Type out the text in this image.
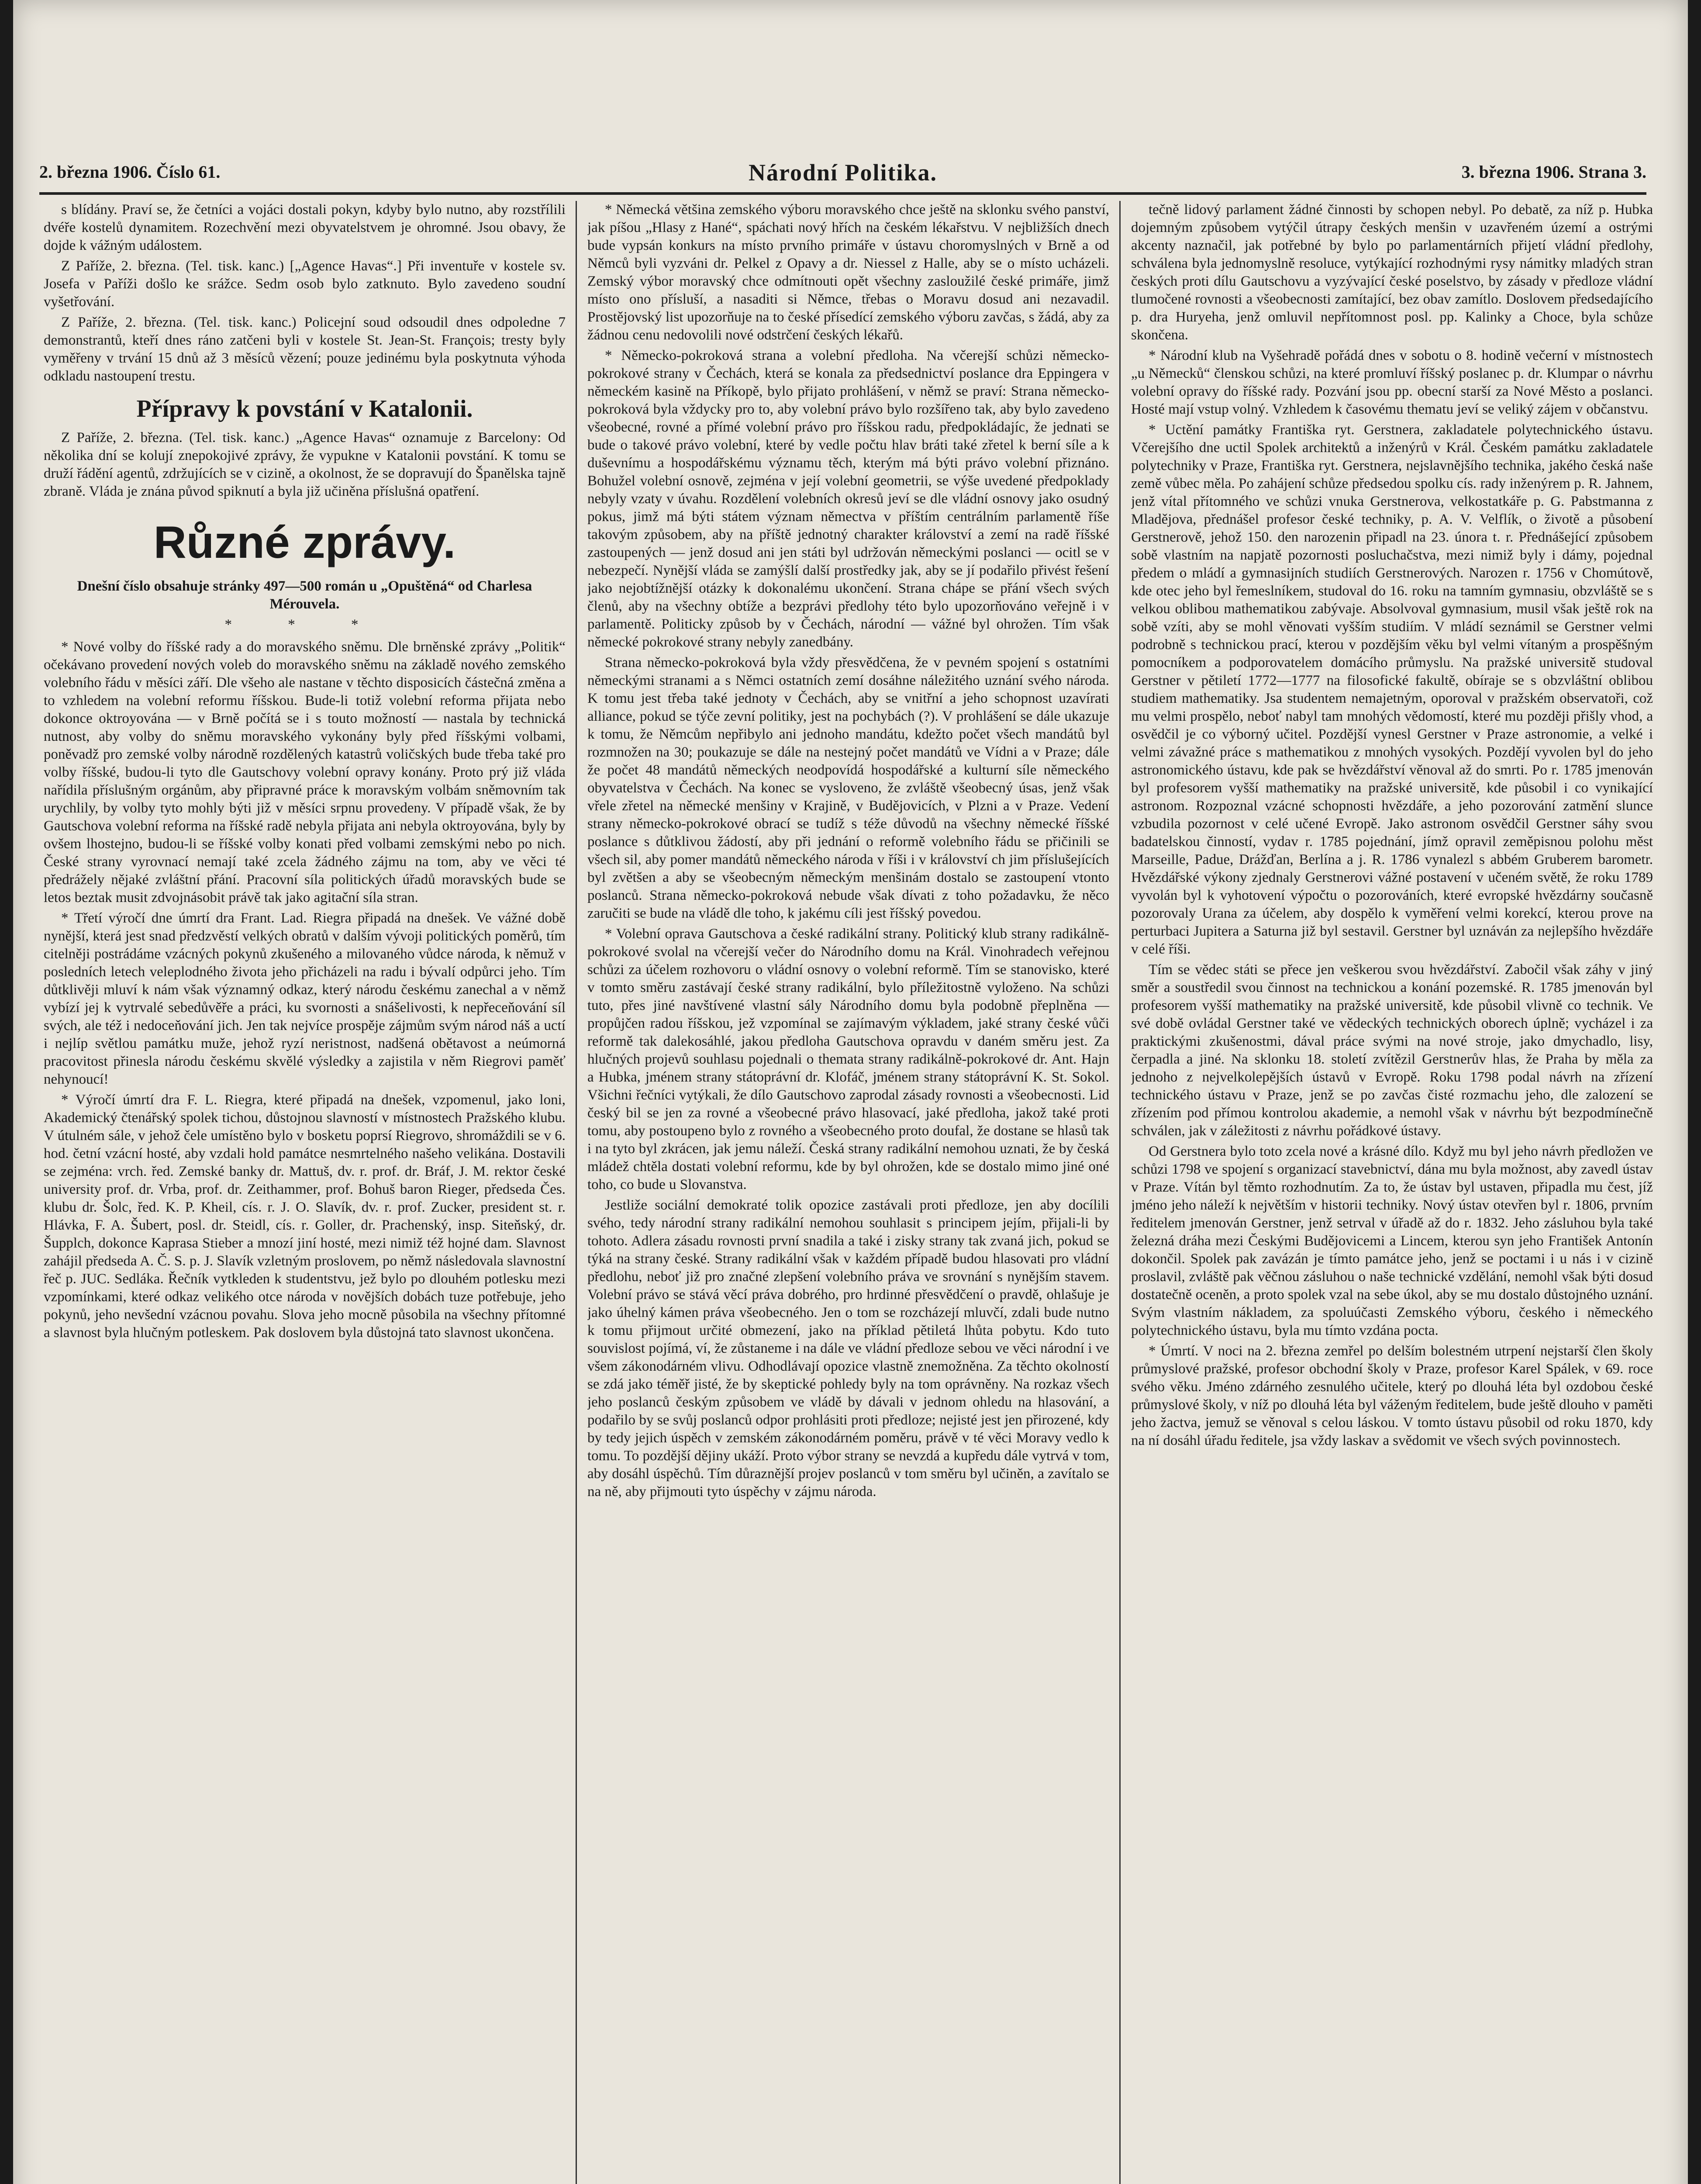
2. března 1906. Číslo 61.	Národní Politika.	3. března 1906. Strana 3.

s blídány. Praví se, že četníci a vojáci dostali pokyn, kdyby bylo nutno, aby rozstřílili dvéře kostelů dynamitem. Rozechvění mezi obyvatelstvem je ohromné. Jsou obavy, že dojde k vážným událostem.

Z Paříže, 2. března. (Tel. tisk. kanc.) [„Agence Havas“.] Při inventuře v kostele sv. Josefa v Paříži došlo ke srážce. Sedm osob bylo zatknuto. Bylo zavedeno soudní vyšetřování.

Z Paříže, 2. března. (Tel. tisk. kanc.) Policejní soud odsoudil dnes odpoledne 7 demonstrantů, kteří dnes ráno zatčeni byli v kostele St. Jean-St. François; tresty byly vyměřeny v trvání 15 dnů až 3 měsíců vězení; pouze jedinému byla poskytnuta výhoda odkladu nastoupení trestu.

Přípravy k povstání v Katalonii.

Z Paříže, 2. března. (Tel. tisk. kanc.) „Agence Havas“ oznamuje z Barcelony: Od několika dní se kolují znepokojivé zprávy, že vypukne v Katalonii povstání. K tomu se druží řádění agentů, zdržujících se v cizině, a okolnost, že se dopravují do Španělska tajně zbraně. Vláda je znána původ spiknutí a byla již učiněna příslušná opatření.

Různé zprávy.

Dnešní číslo obsahuje stránky 497—500 román u „Opuštěná“ od Charlesa Mérouvela.

* * *

* Nové volby do říšské rady a do moravského sněmu. Dle brněnské zprávy „Politik“ očekávano provedení nových voleb do moravského sněmu na základě nového zemského volebního řádu v měsíci září. Dle všeho ale nastane v těchto disposicích částečná změna a to vzhledem na volební reformu říšskou. Bude-li totiž volební reforma přijata nebo dokonce oktroyována — v Brně počítá se i s touto možností — nastala by technická nutnost, aby volby do sněmu moravského vykonány byly před říšskými volbami, poněvadž pro zemské volby národně rozdělených katastrů voličských bude třeba také pro volby říšské, budou-li tyto dle Gautschovy volební opravy konány. Proto prý již vláda nařídila příslušným orgánům, aby připravné práce k moravským volbám sněmovním tak urychlily, by volby tyto mohly býti již v měsíci srpnu provedeny. V případě však, že by Gautschova volební reforma na říšské radě nebyla přijata ani nebyla oktroyována, byly by ovšem lhostejno, budou-li se říšské volby konati před volbami zemskými nebo po nich. České strany vyrovnací nemají také zcela žádného zájmu na tom, aby ve věci té předrážely nějaké zvláštní přání. Pracovní síla politických úřadů moravských bude se letos beztak musit zdvojnásobit právě tak jako agitační síla stran.

* Třetí výročí dne úmrtí dra Frant. Lad. Riegra připadá na dnešek. Ve vážné době nynější, která jest snad předzvěstí velkých obratů v dalším vývoji politických poměrů, tím citelněji postrádáme vzácných pokynů zkušeného a milovaného vůdce národa, k němuž v posledních letech veleplodného života jeho přicházeli na radu i bývalí odpůrci jeho. Tím důtklivěji mluví k nám však významný odkaz, který národu českému zanechal a v němž vybízí jej k vytrvalé sebedůvěře a práci, ku svornosti a snášelivosti, k nepřeceňování síl svých, ale též i nedoceňování jich. Jen tak nejvíce prospěje zájmům svým národ náš a uctí i nejlíp světlou památku muže, jehož ryzí neristnost, nadšená obětavost a neúmorná pracovitost přinesla národu českému skvělé výsledky a zajistila v něm Riegrovi paměť nehynoucí!

* Výročí úmrtí dra F. L. Riegra, které připadá na dnešek, vzpomenul, jako loni, Akademický čtenářský spolek tichou, důstojnou slavností v místnostech Pražského klubu. V útulném sále, v jehož čele umístěno bylo v bosketu poprsí Riegrovo, shromáždili se v 6. hod. četní vzácní hosté, aby vzdali hold památce nesmrtelného našeho velikána. Dostavili se zejména: vrch. řed. Zemské banky dr. Mattuš, dv. r. prof. dr. Bráf, J. M. rektor české university prof. dr. Vrba, prof. dr. Zeithammer, prof. Bohuš baron Rieger, předseda Čes. klubu dr. Šolc, řed. K. P. Kheil, cís. r. J. O. Slavík, dv. r. prof. Zucker, president st. r. Hlávka, F. A. Šubert, posl. dr. Steidl, cís. r. Goller, dr. Prachenský, insp. Siteňský, dr. Šupplch, dokonce Kaprasa Stieber a mnozí jiní hosté, mezi nimiž též hojné dam. Slavnost zahájil předseda A. Č. S. p. J. Slavík vzletným proslovem, po němž následovala slavnostní řeč p. JUC. Sedláka. Řečník vytkleden k studentstvu, jež bylo po dlouhém potlesku mezi vzpomínkami, které odkaz velikého otce národa v novějších dobách tuze potřebuje, jeho pokynů, jeho nevšední vzácnou povahu. Slova jeho mocně působila na všechny přítomné a slavnost byla hlučným potleskem. Pak doslovem byla důstojná tato slavnost ukončena.

* Německá většina zemského výboru moravského chce ještě na sklonku svého panství, jak píšou „Hlasy z Hané“, spáchati nový hřích na českém lékařstvu. V nejbližších dnech bude vypsán konkurs na místo prvního primáře v ústavu choromyslných v Brně a od Němců byli vyzváni dr. Pelkel z Opavy a dr. Niessel z Halle, aby se o místo ucházeli. Zemský výbor moravský chce odmítnouti opět všechny zasloužilé české primáře, jimž místo ono přísluší, a nasaditi si Němce, třebas o Moravu dosud ani nezavadil. Prostějovský list upozorňuje na to české přísedící zemského výboru zavčas, s žádá, aby za žádnou cenu nedovolili nové odstrčení českých lékařů.

* Německo-pokroková strana a volební předloha. Na včerejší schůzi německo-pokrokové strany v Čechách, která se konala za předsednictví poslance dra Eppingera v německém kasině na Příkopě, bylo přijato prohlášení, v němž se praví: Strana německo-pokroková byla vždycky pro to, aby volební právo bylo rozšířeno tak, aby bylo zavedeno všeobecné, rovné a přímé volební právo pro říšskou radu, předpokládajíc, že jednati se bude o takové právo volební, které by vedle počtu hlav bráti také zřetel k berní síle a k duševnímu a hospodářskému významu těch, kterým má býti právo volební přiznáno. Bohužel volební osnově, zejména v její volební geometrii, se výše uvedené předpoklady nebyly vzaty v úvahu. Rozdělení volebních okresů jeví se dle vládní osnovy jako osudný pokus, jimž má býti státem význam němectva v příštím centrálním parlamentě říše takovým způsobem, aby na příště jednotný charakter království a zemí na radě říšské zastoupených — jenž dosud ani jen státi byl udržován německými poslanci — ocitl se v nebezpečí. Nynější vláda se zamýšlí další prostředky jak, aby se jí podařilo přivést řešení jako nejobtížnější otázky k dokonalému ukončení. Strana chápe se přání všech svých členů, aby na všechny obtíže a bezprávi předlohy této bylo upozorňováno veřejně i v parlamentě. Politicky způsob by v Čechách, národní — vážné byl ohrožen. Tím však německé pokrokové strany nebyly zanedbány.

Strana německo-pokroková byla vždy přesvědčena, že v pevném spojení s ostatními německými stranami a s Němci ostatních zemí dosáhne náležitého uznání svého národa. K tomu jest třeba také jednoty v Čechách, aby se vnitřní a jeho schopnost uzavírati alliance, pokud se týče zevní politiky, jest na pochybách (?). V prohlášení se dále ukazuje k tomu, že Němcům nepřibylo ani jednoho mandátu, kdežto počet všech mandátů byl rozmnožen na 30; poukazuje se dále na nestejný počet mandátů ve Vídni a v Praze; dále že počet 48 mandátů německých neodpovídá hospodářské a kulturní síle německého obyvatelstva v Čechách. Na konec se vysloveno, že zvláště všeobecný úsas, jenž však vřele zřetel na německé menšiny v Krajině, v Budějovicích, v Plzni a v Praze. Vedení strany německo-pokrokové obrací se tudíž s téže důvodů na všechny německé říšské poslance s důtklivou žádostí, aby při jednání o reformě volebního řádu se přičinili se všech sil, aby pomer mandátů německého národa v říši i v království ch jim příslušejících byl zvětšen a aby se všeobecným německým menšinám dostalo se zastoupení vtonto poslanců. Strana německo-pokroková nebude však dívati z toho požadavku, že něco zaručiti se bude na vládě dle toho, k jakému cíli jest říšský povedou.

* Volební oprava Gautschova a české radikální strany. Politický klub strany radikálně-pokrokové svolal na včerejší večer do Národního domu na Král. Vinohradech veřejnou schůzi za účelem rozhovoru o vládní osnovy o volební reformě. Tím se stanovisko, které v tomto směru zastávají české strany radikální, bylo příležitostně vyloženo. Na schůzi tuto, přes jiné navštívené vlastní sály Národního domu byla podobně přeplněna — propůjčen radou říšskou, jež vzpomínal se zajímavým výkladem, jaké strany české vůči reformě tak dalekosáhlé, jakou předloha Gautschova opravdu v daném směru jest. Za hlučných projevů souhlasu pojednali o themata strany radikálně-pokrokové dr. Ant. Hajn a Hubka, jménem strany státoprávní dr. Klofáč, jménem strany státoprávní K. St. Sokol. Všichni řečníci vytýkali, že dílo Gautschovo zaprodal zásady rovnosti a všeobecnosti. Lid český bil se jen za rovné a všeobecné právo hlasovací, jaké předloha, jakož také proti tomu, aby postoupeno bylo z rovného a všeobecného proto doufal, že dostane se hlasů tak i na tyto byl zkrácen, jak jemu náleží. Česká strany radikální nemohou uznati, že by česká mládež chtěla dostati volební reformu, kde by byl ohrožen, kde se dostalo mimo jiné oné toho, co bude u Slovanstva.

Jestliže sociální demokraté tolik opozice zastávali proti předloze, jen aby docílili svého, tedy národní strany radikální nemohou souhlasit s principem jejím, přijali-li by tohoto. Adlera zásadu rovnosti první snadila a také i zisky strany tak zvaná jich, pokud se týká na strany české. Strany radikální však v každém případě budou hlasovati pro vládní předlohu, neboť již pro značné zlepšení volebního práva ve srovnání s nynějším stavem. Volební právo se stává věcí práva dobrého, pro hrdinné přesvědčení o pravdě, ohlašuje je jako úhelný kámen práva všeobecného. Jen o tom se rozcházejí mluvčí, zdali bude nutno k tomu přijmout určité obmezení, jako na příklad pětiletá lhůta pobytu. Kdo tuto souvislost pojímá, ví, že zůstaneme i na dále ve vládní předloze sebou ve věci národní i ve všem zákonodárném vlivu. Odhodlávají opozice vlastně znemožněna. Za těchto okolností se zdá jako téměř jisté, že by skeptické pohledy byly na tom oprávněny. Na rozkaz všech jeho poslanců českým způsobem ve vládě by dávali v jednom ohledu na hlasování, a podařilo by se svůj poslanců odpor prohlásiti proti předloze; nejisté jest jen přirozené, kdy by tedy jejich úspěch v zemském zákonodárném poměru, právě v té věci Moravy vedlo k tomu. To pozdější dějiny ukáží. Proto výbor strany se nevzdá a kupředu dále vytrvá v tom, aby dosáhl úspěchů. Tím důraznější projev poslanců v tom směru byl učiněn, a zavítalo se na ně, aby přijmouti tyto úspěchy v zájmu národa.

tečně lidový parlament žádné činnosti by schopen nebyl. Po debatě, za níž p. Hubka dojemným způsobem vytýčil útrapy českých menšin v uzavřeném území a ostrými akcenty naznačil, jak potřebné by bylo po parlamentárních přijetí vládní předlohy, schválena byla jednomyslně resoluce, vytýkající rozhodnými rysy námitky mladých stran českých proti dílu Gautschovu a vyzývající české poselstvo, by zásady v předloze vládní tlumočené rovnosti a všeobecnosti zamítající, bez obav zamítlo. Doslovem předsedajícího p. dra Huryeha, jenž omluvil nepřítomnost posl. pp. Kalinky a Choce, byla schůze skončena.

* Národní klub na Vyšehradě pořádá dnes v sobotu o 8. hodině večerní v místnostech „u Německů“ členskou schůzi, na které promluví říšský poslanec p. dr. Klumpar o návrhu volební opravy do říšské rady. Pozvání jsou pp. obecní starší za Nové Město a poslanci. Hosté mají vstup volný. Vzhledem k časovému thematu jeví se veliký zájem v občanstvu.

* Uctění památky Františka ryt. Gerstnera, zakladatele polytechnického ústavu. Včerejšího dne uctil Spolek architektů a inženýrů v Král. Českém památku zakladatele polytechniky v Praze, Františka ryt. Gerstnera, nejslavnějšího technika, jakého česká naše země vůbec měla. Po zahájení schůze předsedou spolku cís. rady inženýrem p. R. Jahnem, jenž vítal přítomného ve schůzi vnuka Gerstnerova, velkostatkáře p. G. Pabstmanna z Mladějova, přednášel profesor české techniky, p. A. V. Velflík, o životě a působení Gerstnerově, jehož 150. den narozenin připadl na 23. února t. r. Přednášející způsobem sobě vlastním na napjatě pozornosti posluchačstva, mezi nimiž byly i dámy, pojednal předem o mládí a gymnasijních studiích Gerstnerových. Narozen r. 1756 v Chomútově, kde otec jeho byl řemeslníkem, studoval do 16. roku na tamním gymnasiu, obzvláště se s velkou oblibou mathematikou zabývaje. Absolvoval gymnasium, musil však ještě rok na sobě vzíti, aby se mohl věnovati vyšším studiím. V mládí seznámil se Gerstner velmi podrobně s technickou prací, kterou v pozdějším věku byl velmi vítaným a prospěšným pomocníkem a podporovatelem domácího průmyslu. Na pražské universitě studoval Gerstner v pětiletí 1772—1777 na filosofické fakultě, obíraje se s obzvláštní oblibou studiem mathematiky. Jsa studentem nemajetným, oporoval v pražském observatoři, což mu velmi prospělo, neboť nabyl tam mnohých vědomostí, které mu později přišly vhod, a osvědčil je co výborný učitel. Pozdější vynesl Gerstner v Praze astronomie, a velké i velmi závažné práce s mathematikou z mnohých vysokých. Pozdějí vyvolen byl do jeho astronomického ústavu, kde pak se hvězdářství věnoval až do smrti. Po r. 1785 jmenován byl profesorem vyšší mathematiky na pražské universitě, kde působil i co vynikající astronom. Rozpoznal vzácné schopnosti hvězdáře, a jeho pozorování zatmění slunce vzbudila pozornost v celé učené Evropě. Jako astronom osvědčil Gerstner sáhy svou badatelskou činností, vydav r. 1785 pojednání, jímž opravil zeměpisnou polohu měst Marseille, Padue, Drážďan, Berlína a j. R. 1786 vynalezl s abbém Gruberem barometr. Hvězdářské výkony zjednaly Gerstnerovi vážné postavení v učeném světě, že roku 1789 vyvolán byl k vyhotovení výpočtu o pozorováních, které evropské hvězdárny současně pozorovaly Urana za účelem, aby dospělo k vyměření velmi korekcí, kterou prove na perturbaci Jupitera a Saturna již byl sestavil. Gerstner byl uznáván za nejlepšího hvězdáře v celé říši.

Tím se vědec státi se přece jen veškerou svou hvězdářství. Zabočil však záhy v jiný směr a soustředil svou činnost na technickou a konání pozemské. R. 1785 jmenován byl profesorem vyšší mathematiky na pražské universitě, kde působil vlivně co technik. Ve své době ovládal Gerstner také ve vědeckých technických oborech úplně; vycházel i za praktickými zkušenostmi, dával práce svými na nové stroje, jako dmychadlo, lisy, čerpadla a jiné. Na sklonku 18. století zvítězil Gerstnerův hlas, že Praha by měla za jednoho z nejvelkolepějších ústavů v Evropě. Roku 1798 podal návrh na zřízení technického ústavu v Praze, jenž se po zavčas čisté rozmachu jeho, dle zalození se zřízením pod přímou kontrolou akademie, a nemohl však v návrhu být bezpodmínečně schválen, jak v záležitosti z návrhu pořádkové ústavy.

Od Gerstnera bylo toto zcela nové a krásné dílo. Když mu byl jeho návrh předložen ve schůzi 1798 ve spojení s organizací stavebnictví, dána mu byla možnost, aby zavedl ústav v Praze. Vítán byl těmto rozhodnutím. Za to, že ústav byl ustaven, připadla mu čest, jíž jméno jeho náleží k největším v historii techniky. Nový ústav otevřen byl r. 1806, prvním ředitelem jmenován Gerstner, jenž setrval v úřadě až do r. 1832. Jeho zásluhou byla také železná dráha mezi Českými Budějovicemi a Lincem, kterou syn jeho František Antonín dokončil. Spolek pak zavázán je tímto památce jeho, jenž se poctami i u nás i v cizině proslavil, zvláště pak věčnou zásluhou o naše technické vzdělání, nemohl však býti dosud dostatečně oceněn, a proto spolek vzal na sebe úkol, aby se mu dostalo důstojného uznání. Svým vlastním nákladem, za spoluúčasti Zemského výboru, českého i německého polytechnického ústavu, byla mu tímto vzdána pocta.

* Úmrtí. V noci na 2. března zemřel po delším bolestném utrpení nejstarší člen školy průmyslové pražské, profesor obchodní školy v Praze, profesor Karel Spálek, v 69. roce svého věku. Jméno zdárného zesnulého učitele, který po dlouhá léta byl ozdobou české průmyslové školy, v níž po dlouhá léta byl váženým ředitelem, bude ještě dlouho v paměti jeho žactva, jemuž se věnoval s celou láskou. V tomto ústavu působil od roku 1870, kdy na ní dosáhl úřadu ředitele, jsa vždy laskav a svědomit ve všech svých povinnostech.
